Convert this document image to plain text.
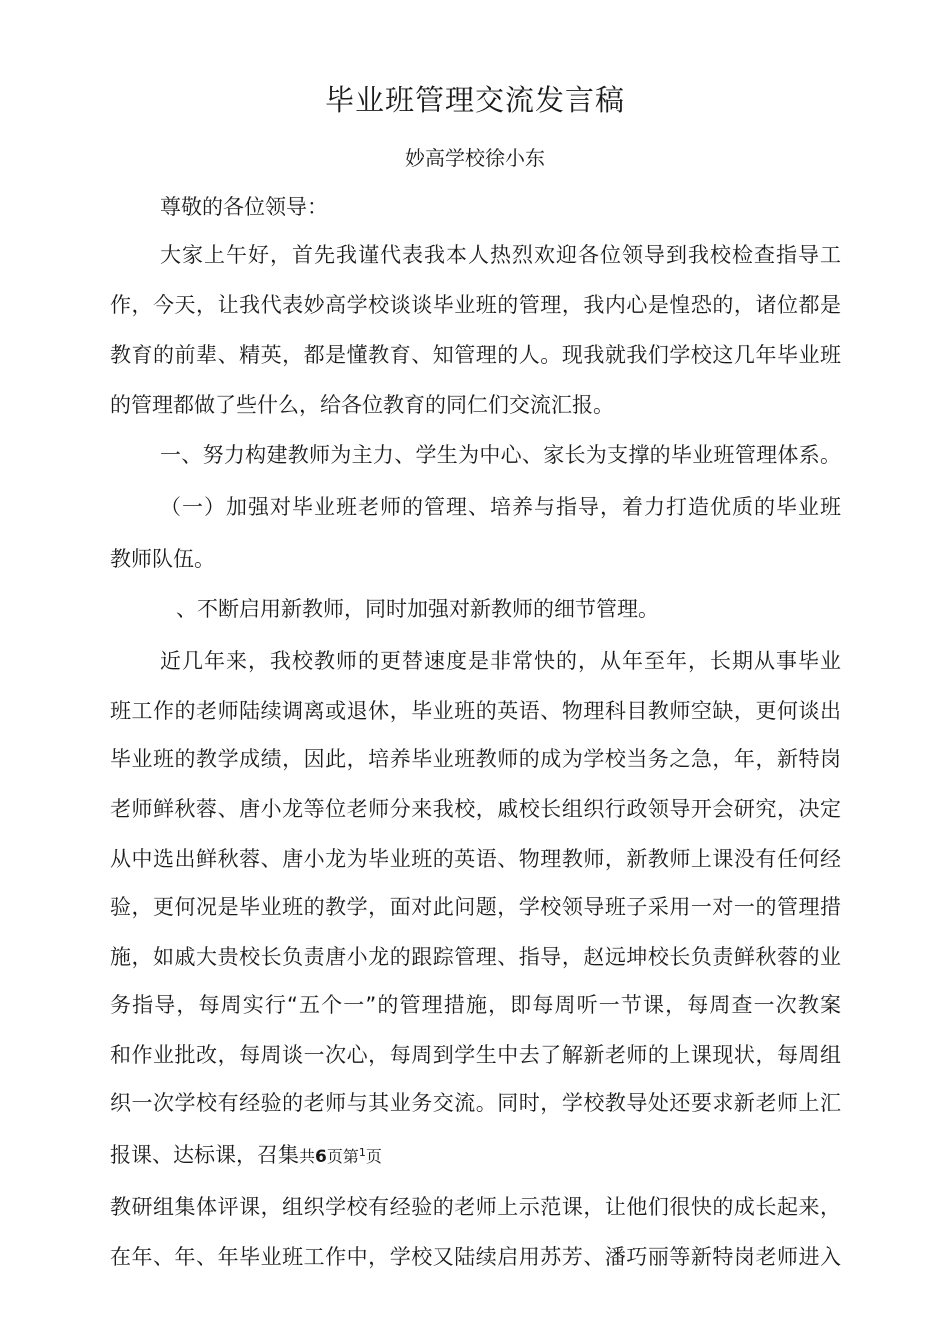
毕业班管理交流发言稿
妙高学校徐小东
尊敬的各位领导：
大家上午好，首先我谨代表我本人热烈欢迎各位领导到我校检查指导工
作，今天，让我代表妙高学校谈谈毕业班的管理，我内心是惶恐的，诸位都是
教育的前辈、精英，都是懂教育、知管理的人。现我就我们学校这几年毕业班
的管理都做了些什么，给各位教育的同仁们交流汇报。
一、努力构建教师为主力、学生为中心、家长为支撑的毕业班管理体系。
（一）加强对毕业班老师的管理、培养与指导，着力打造优质的毕业班
教师队伍。
、不断启用新教师，同时加强对新教师的细节管理。
近几年来，我校教师的更替速度是非常快的，从年至年，长期从事毕业
班工作的老师陆续调离或退休，毕业班的英语、物理科目教师空缺，更何谈出
毕业班的教学成绩，因此，培养毕业班教师的成为学校当务之急，年，新特岗
老师鲜秋蓉、唐小龙等位老师分来我校，戚校长组织行政领导开会研究，决定
从中选出鲜秋蓉、唐小龙为毕业班的英语、物理教师，新教师上课没有任何经
验，更何况是毕业班的教学，面对此问题，学校领导班子采用一对一的管理措
施，如戚大贵校长负责唐小龙的跟踪管理、指导，赵远坤校长负责鲜秋蓉的业
务指导，每周实行“五个一”的管理措施，即每周听一节课，每周查一次教案
和作业批改，每周谈一次心，每周到学生中去了解新老师的上课现状，每周组
织一次学校有经验的老师与其业务交流。同时，学校教导处还要求新老师上汇
报课、达标课，召集共6页第$^1$页
教研组集体评课，组织学校有经验的老师上示范课，让他们很快的成长起来，
在年、年、年毕业班工作中，学校又陆续启用苏芳、潘巧丽等新特岗老师进入
